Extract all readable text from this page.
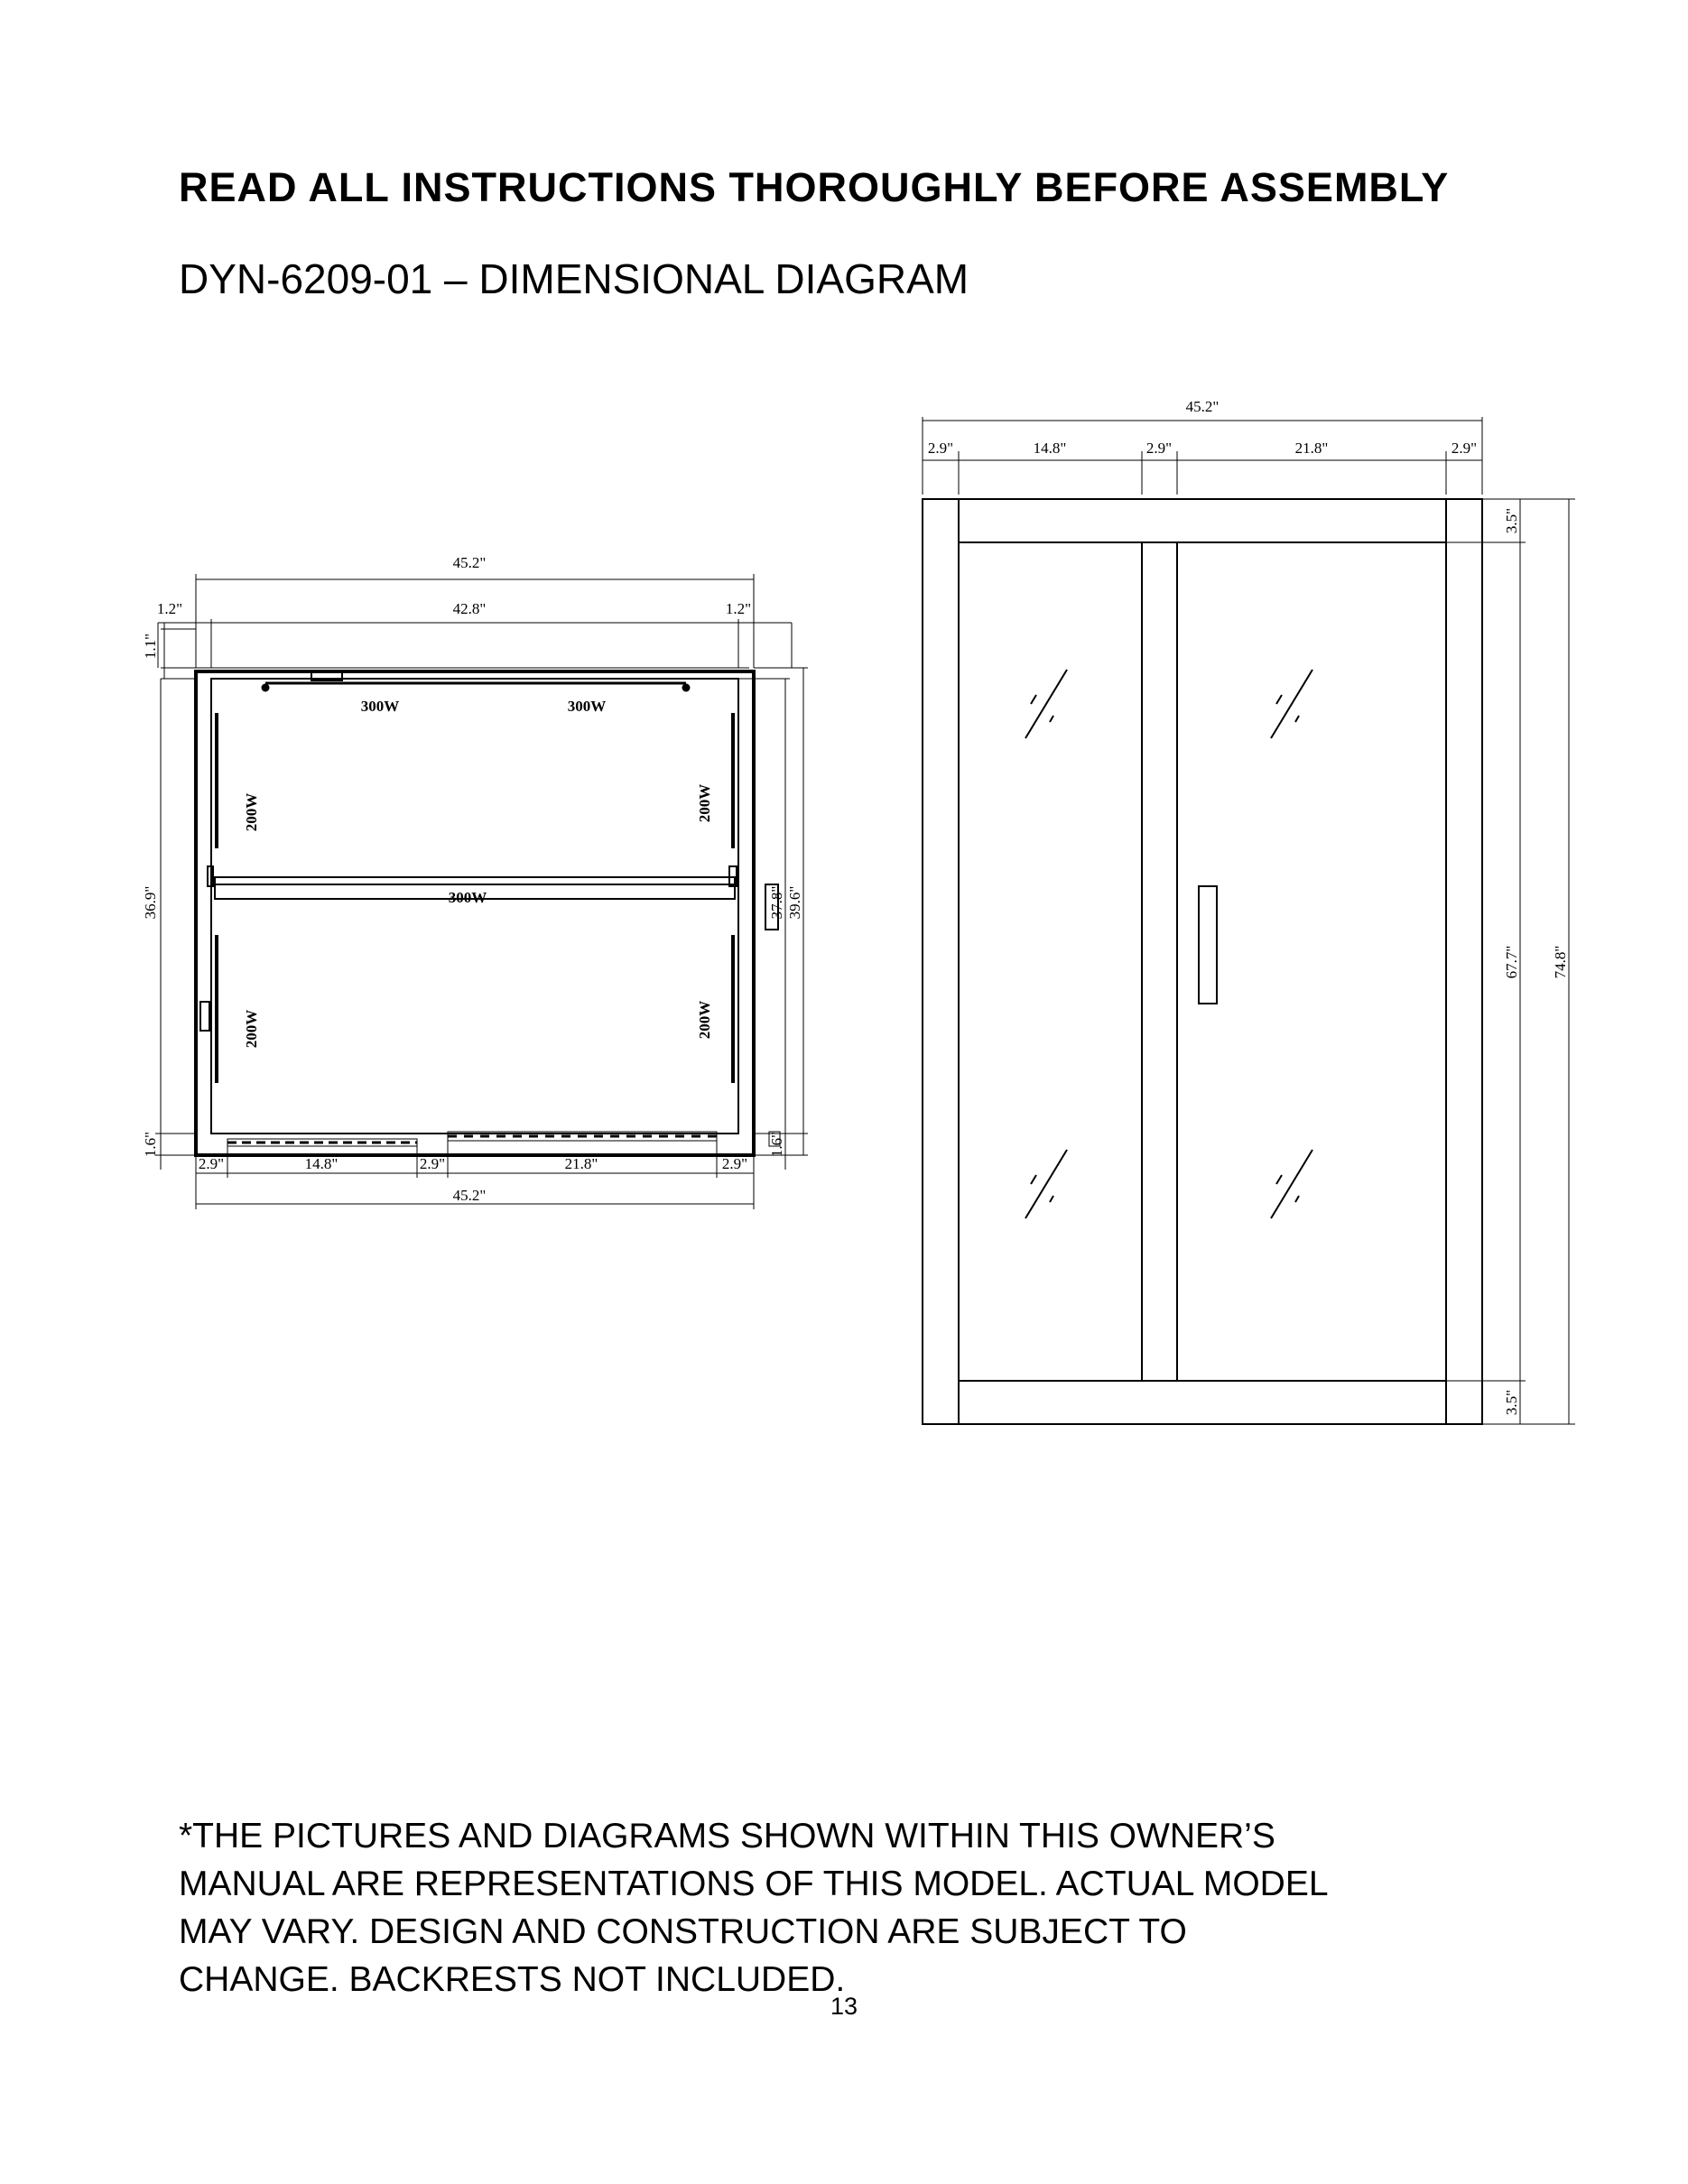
READ ALL INSTRUCTIONS THOROUGHLY BEFORE ASSEMBLY
DYN-6209-01 – DIMENSIONAL DIAGRAM
45.2"
42.8"
1.2"	1.2"
1.1"
36.9"	37.8" 39.6"
1.6"	1.6"
2.9"	14.8"	2.9"	21.8"	2.9"
45.2"
300W	300W
300W
200W	200W
200W	200W
45.2"
2.9"	14.8"	2.9"	21.8"	2.9"
3.5"
3.5"
67.7" 74.8"
*THE PICTURES AND DIAGRAMS SHOWN WITHIN THIS OWNER’S
MANUAL ARE REPRESENTATIONS OF THIS MODEL. ACTUAL MODEL
MAY VARY. DESIGN AND CONSTRUCTION ARE SUBJECT TO
CHANGE. BACKRESTS NOT INCLUDED.
13
